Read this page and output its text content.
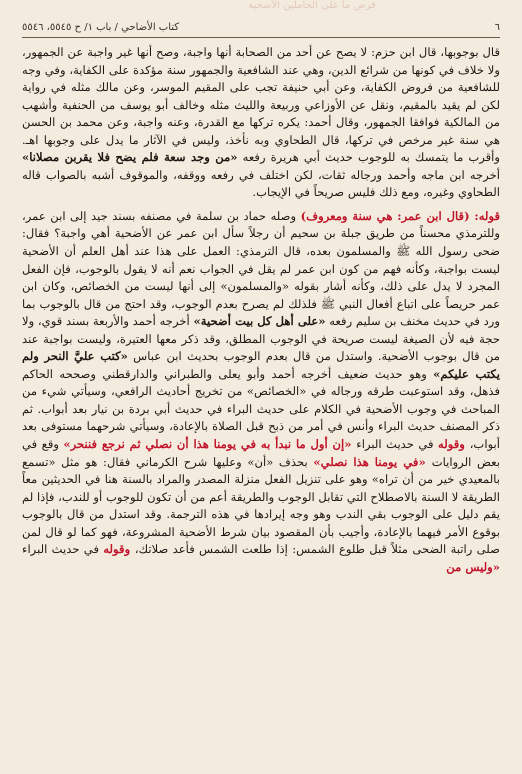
فرض ما على الحاملين الأضحية
كتاب الأضاحي / باب ١/ ح ٥٥٤٥، ٥٥٤٦	٦

قال بوجوبها، قال ابن حزم: لا يصح عن أحد من الصحابة أنها واجبة، وصح أنها غير واجبة عن الجمهور، ولا خلاف في كونها من شرائع الدين، وهي عند الشافعية والجمهور سنة مؤكدة على الكفاية، وفي وجه للشافعية من فروض الكفاية، وعن أبي حنيفة تجب على المقيم الموسر، وعن مالك مثله في رواية لكن لم يقيد بالمقيم، ونقل عن الأوزاعي وربيعة والليث مثله وخالف أبو يوسف من الحنفية وأشهب من المالكية فوافقا الجمهور، وقال أحمد: يكره تركها مع القدرة، وعنه واجبة، وعن محمد بن الحسن هي سنة غير مرخص في تركها، قال الطحاوي وبه نأخذ، وليس في الآثار ما يدل على وجوبها اهـ. وأقرب ما يتمسك به للوجوب حديث أبي هريرة رفعه «من وجد سعة فلم يضح فلا يقربن مصلانا» أخرجه ابن ماجه وأحمد ورجاله ثقات، لكن اختلف في رفعه ووقفه، والموقوف أشبه بالصواب قاله الطحاوي وغيره، ومع ذلك فليس صريحاً في الإيجاب.

قوله: (قال ابن عمر: هي سنة ومعروف) وصله حماد بن سلمة في مصنفه بسند جيد إلى ابن عمر، وللترمذي محسناً من طريق جبلة بن سحيم أن رجلاً سأل ابن عمر عن الأضحية أهي واجبة؟ فقال: ضحى رسول الله ﷺ والمسلمون بعده، قال الترمذي: العمل على هذا عند أهل العلم أن الأضحية ليست بواجبة، وكأنه فهم من كون ابن عمر لم يقل في الجواب نعم أنه لا يقول بالوجوب، فإن الفعل المجرد لا يدل على ذلك، وكأنه أشار بقوله «والمسلمون» إلى أنها ليست من الخصائص، وكان ابن عمر حريصاً على اتباع أفعال النبي ﷺ فلذلك لم يصرح بعدم الوجوب، وقد احتج من قال بالوجوب بما ورد في حديث مخنف بن سليم رفعه «على أهل كل بيت أضحية» أخرجه أحمد والأربعة بسند قوي، ولا حجة فيه لأن الصيغة ليست صريحة في الوجوب المطلق، وقد ذكر معها العتيرة، وليست بواجبة عند من قال بوجوب الأضحية. واستدل من قال بعدم الوجوب بحديث ابن عباس «كتب عليَّ النحر ولم يكتب عليكم» وهو حديث ضعيف أخرجه أحمد وأبو يعلى والطبراني والدارقطني وصححه الحاكم فذهل، وقد استوعبت طرقه ورجاله في «الخصائص» من تخريج أحاديث الرافعي، وسيأتي شيء من المباحث في وجوب الأضحية في الكلام على حديث البراء في حديث أبي بردة بن نيار بعد أبواب. ثم ذكر المصنف حديث البراء وأنس في أمر من ذبح قبل الصلاة بالإعادة، وسيأتي شرحهما مستوفى بعد أبواب، وقوله في حديث البراء «إن أول ما نبدأ به في يومنا هذا أن نصلي ثم نرجع فننحر» وقع في بعض الروايات «في يومنا هذا نصلي» بحذف «أن» وعليها شرح الكرماني فقال: هو مثل «تسمع بالمعيدي خير من أن تراه» وهو على تنزيل الفعل منزلة المصدر والمراد بالسنة هنا في الحديثين معاً الطريقة لا السنة بالاصطلاح التي تقابل الوجوب والطريقة أعم من أن تكون للوجوب أو للندب، فإذا لم يقم دليل على الوجوب بقي الندب وهو وجه إيرادها في هذه الترجمة. وقد استدل من قال بالوجوب بوقوع الأمر فيهما بالإعادة، وأجيب بأن المقصود بيان شرط الأضحية المشروعة، فهو كما لو قال لمن صلى راتبة الضحى مثلاً قبل طلوع الشمس: إذا طلعت الشمس فأعد صلاتك، وقوله في حديث البراء «وليس من
